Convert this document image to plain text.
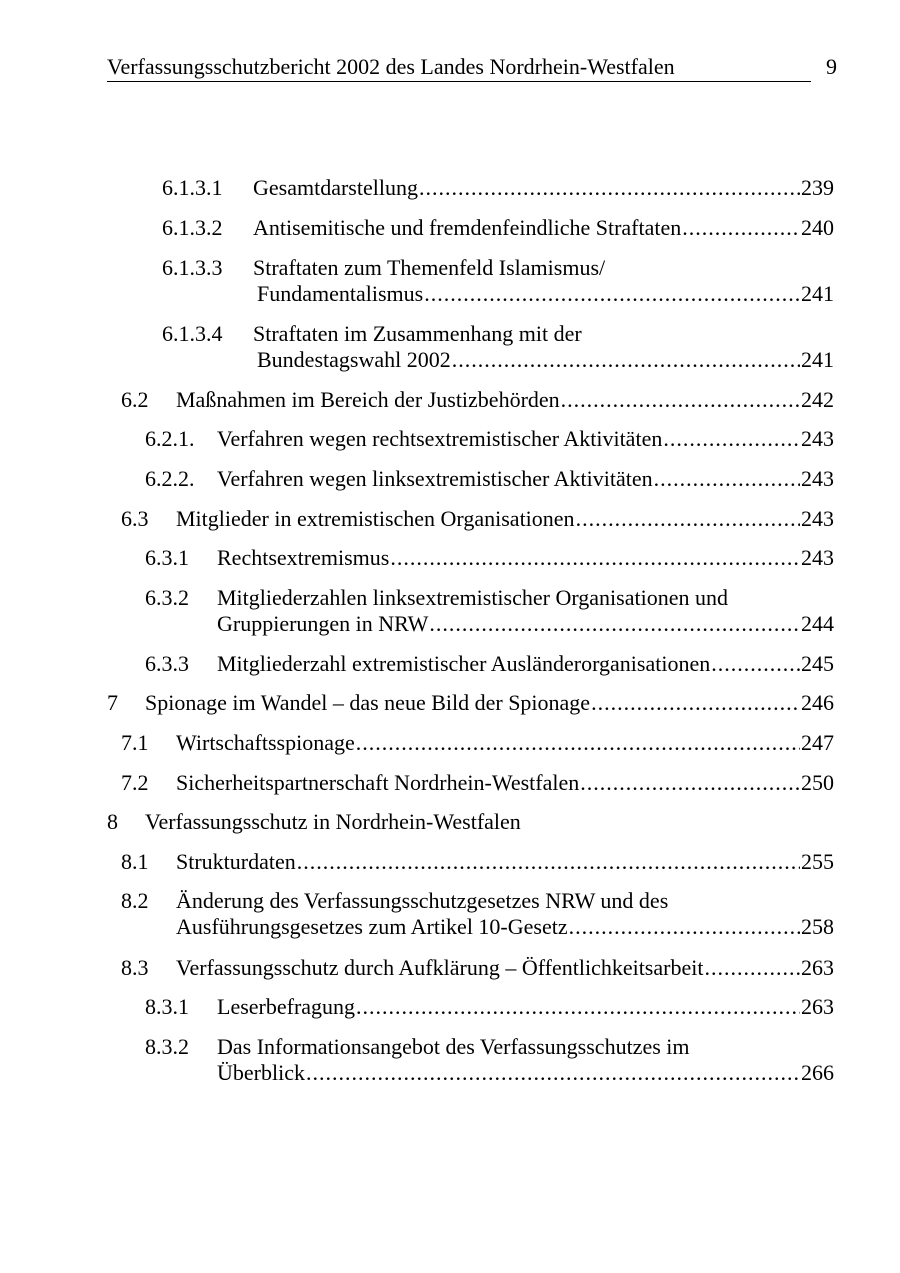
Verfassungsschutzbericht 2002 des Landes Nordrhein-Westfalen	9
6.1.3.1 Gesamtdarstellung .....	239
6.1.3.2 Antisemitische und fremdenfeindliche Straftaten .....	240
6.1.3.3 Straftaten zum Themenfeld Islamismus/
Fundamentalismus .....	241
6.1.3.4 Straftaten im Zusammenhang mit der
Bundestagswahl 2002 .....	241
6.2 Maßnahmen im Bereich der Justizbehörden .....	242
6.2.1. Verfahren wegen rechtsextremistischer Aktivitäten .....	243
6.2.2. Verfahren wegen linksextremistischer Aktivitäten .....	243
6.3 Mitglieder in extremistischen Organisationen .....	243
6.3.1 Rechtsextremismus .....	243
6.3.2 Mitgliederzahlen linksextremistischer Organisationen und
Gruppierungen in NRW .....	244
6.3.3 Mitgliederzahl extremistischer Ausländerorganisationen .....	245
7 Spionage im Wandel – das neue Bild der Spionage .....	246
7.1 Wirtschaftsspionage .....	247
7.2 Sicherheitspartnerschaft Nordrhein-Westfalen .....	250
8 Verfassungsschutz in Nordrhein-Westfalen
8.1 Strukturdaten .....	255
8.2 Änderung des Verfassungsschutzgesetzes NRW und des
Ausführungsgesetzes zum Artikel 10-Gesetz .....	258
8.3 Verfassungsschutz durch Aufklärung – Öffentlichkeitsarbeit .....	263
8.3.1 Leserbefragung .....	263
8.3.2 Das Informationsangebot des Verfassungsschutzes im
Überblick .....	266
